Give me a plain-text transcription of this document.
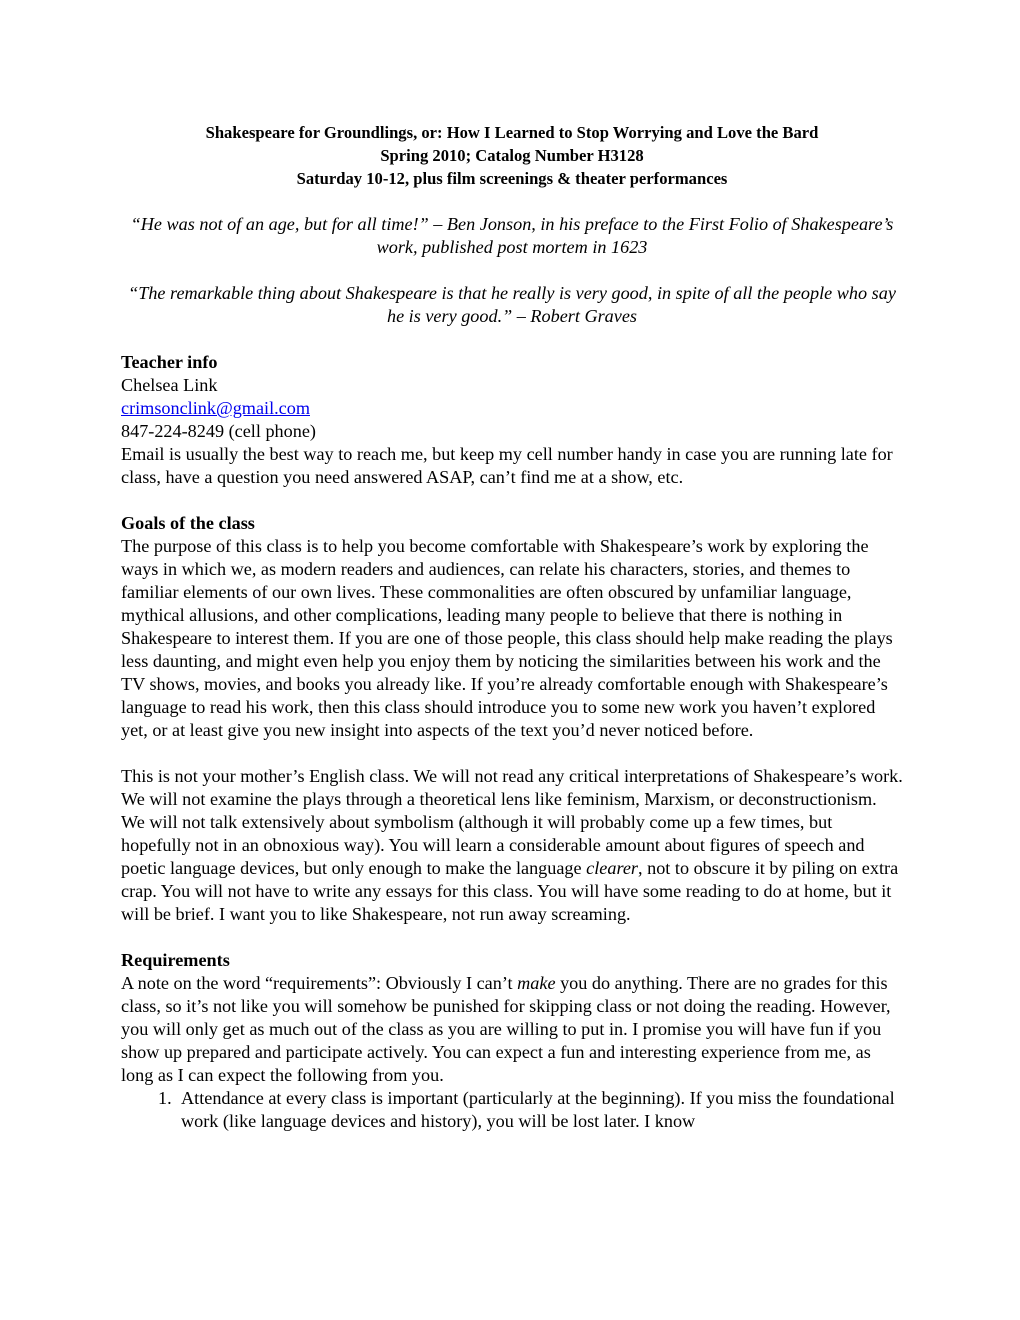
Shakespeare for Groundlings, or: How I Learned to Stop Worrying and Love the Bard
Spring 2010; Catalog Number H3128
Saturday 10-12, plus film screenings & theater performances

“He was not of an age, but for all time!” – Ben Jonson, in his preface to the First Folio of Shakespeare’s work, published post mortem in 1623

“The remarkable thing about Shakespeare is that he really is very good, in spite of all the people who say he is very good.” – Robert Graves

Teacher info
Chelsea Link
crimsonclink@gmail.com
847-224-8249 (cell phone)

Email is usually the best way to reach me, but keep my cell number handy in case you are running late for class, have a question you need answered ASAP, can’t find me at a show, etc.

Goals of the class

The purpose of this class is to help you become comfortable with Shakespeare’s work by exploring the ways in which we, as modern readers and audiences, can relate his characters, stories, and themes to familiar elements of our own lives. These commonalities are often obscured by unfamiliar language, mythical allusions, and other complications, leading many people to believe that there is nothing in Shakespeare to interest them. If you are one of those people, this class should help make reading the plays less daunting, and might even help you enjoy them by noticing the similarities between his work and the TV shows, movies, and books you already like. If you’re already comfortable enough with Shakespeare’s language to read his work, then this class should introduce you to some new work you haven’t explored yet, or at least give you new insight into aspects of the text you’d never noticed before.

This is not your mother’s English class. We will not read any critical interpretations of Shakespeare’s work. We will not examine the plays through a theoretical lens like feminism, Marxism, or deconstructionism. We will not talk extensively about symbolism (although it will probably come up a few times, but hopefully not in an obnoxious way). You will learn a considerable amount about figures of speech and poetic language devices, but only enough to make the language clearer, not to obscure it by piling on extra crap. You will not have to write any essays for this class. You will have some reading to do at home, but it will be brief. I want you to like Shakespeare, not run away screaming.

Requirements

A note on the word “requirements”: Obviously I can’t make you do anything. There are no grades for this class, so it’s not like you will somehow be punished for skipping class or not doing the reading. However, you will only get as much out of the class as you are willing to put in. I promise you will have fun if you show up prepared and participate actively. You can expect a fun and interesting experience from me, as long as I can expect the following from you.

1. Attendance at every class is important (particularly at the beginning). If you miss the foundational work (like language devices and history), you will be lost later. I know
